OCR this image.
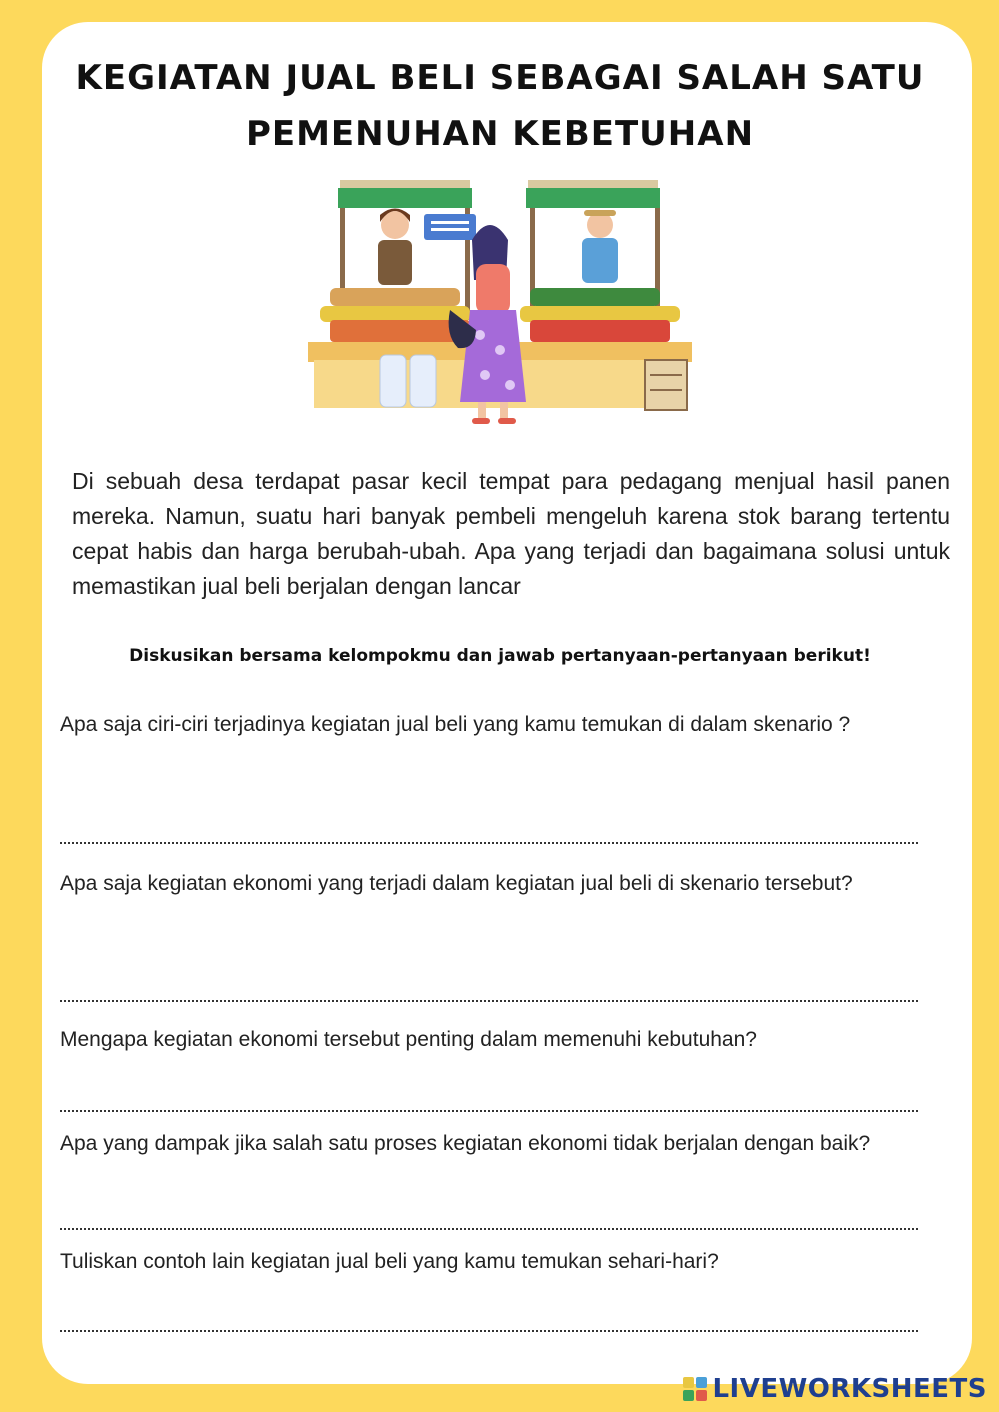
KEGIATAN JUAL BELI SEBAGAI SALAH SATU PEMENUHAN KEBETUHAN

Di sebuah desa terdapat pasar kecil tempat para pedagang menjual hasil panen mereka. Namun, suatu hari banyak pembeli mengeluh karena stok barang tertentu cepat habis dan harga berubah-ubah. Apa yang terjadi dan bagaimana solusi untuk memastikan jual beli berjalan dengan lancar

Diskusikan bersama kelompokmu dan jawab pertanyaan-pertanyaan berikut!

Apa saja ciri-ciri terjadinya kegiatan jual beli yang kamu temukan di dalam skenario ?

Apa saja kegiatan ekonomi yang terjadi dalam kegiatan jual beli di skenario tersebut?

Mengapa kegiatan ekonomi tersebut penting dalam memenuhi kebutuhan?

Apa yang dampak jika salah satu proses kegiatan ekonomi tidak berjalan dengan baik?

Tuliskan contoh lain kegiatan jual beli yang kamu temukan sehari-hari?

LIVEWORKSHEETS
